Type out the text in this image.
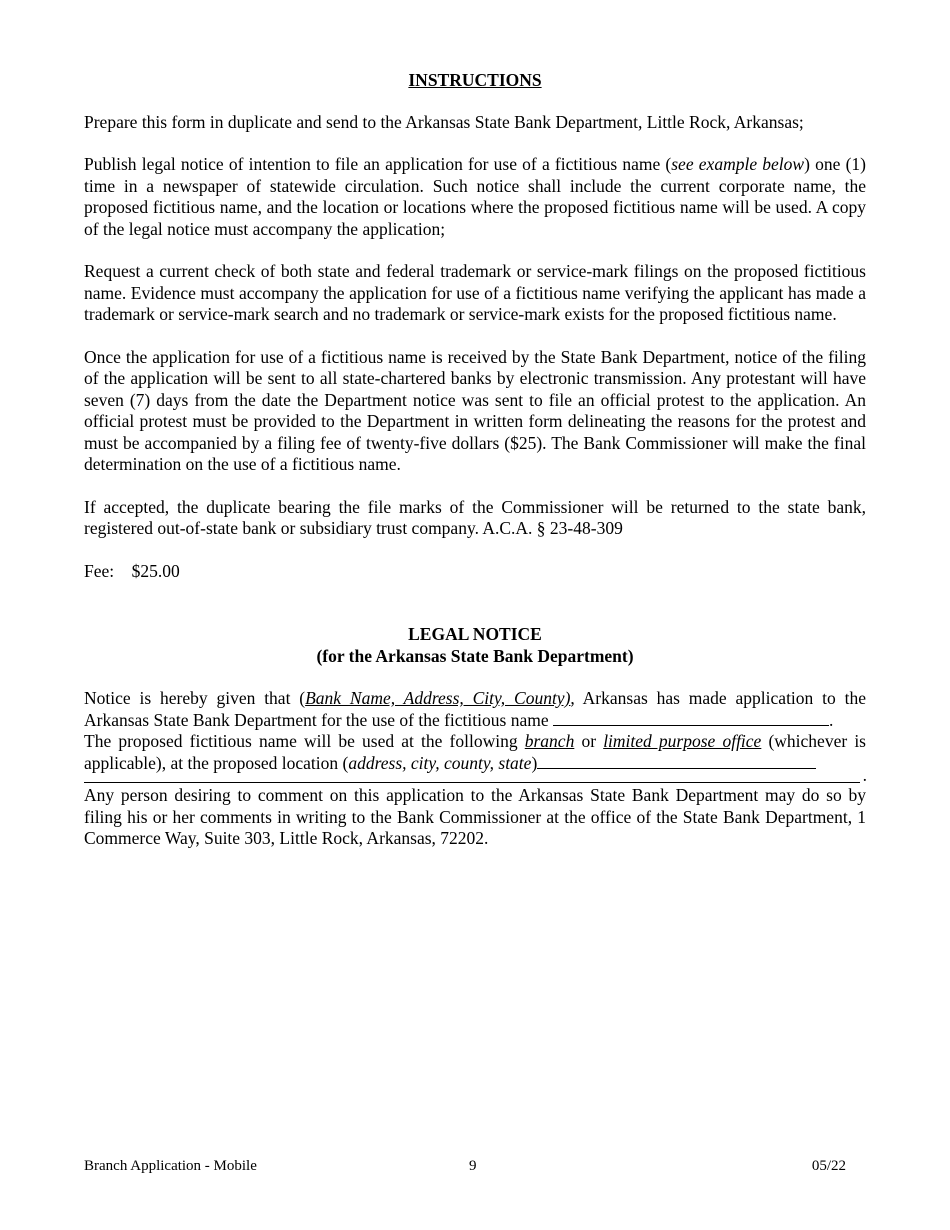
INSTRUCTIONS

Prepare this form in duplicate and send to the Arkansas State Bank Department, Little Rock, Arkansas;

Publish legal notice of intention to file an application for use of a fictitious name (see example below) one (1) time in a newspaper of statewide circulation. Such notice shall include the current corporate name, the proposed fictitious name, and the location or locations where the proposed fictitious name will be used. A copy of the legal notice must accompany the application;

Request a current check of both state and federal trademark or service-mark filings on the proposed fictitious name. Evidence must accompany the application for use of a fictitious name verifying the applicant has made a trademark or service-mark search and no trademark or service-mark exists for the proposed fictitious name.

Once the application for use of a fictitious name is received by the State Bank Department, notice of the filing of the application will be sent to all state-chartered banks by electronic transmission. Any protestant will have seven (7) days from the date the Department notice was sent to file an official protest to the application. An official protest must be provided to the Department in written form delineating the reasons for the protest and must be accompanied by a filing fee of twenty-five dollars ($25). The Bank Commissioner will make the final determination on the use of a fictitious name.

If accepted, the duplicate bearing the file marks of the Commissioner will be returned to the state bank, registered out-of-state bank or subsidiary trust company. A.C.A. § 23-48-309

Fee: $25.00

LEGAL NOTICE
(for the Arkansas State Bank Department)

Notice is hereby given that (Bank Name, Address, City, County), Arkansas has made application to the Arkansas State Bank Department for the use of the fictitious name	.

The proposed fictitious name will be used at the following branch or limited purpose office (whichever is applicable), at the proposed location (address, city, county, state)

.

Any person desiring to comment on this application to the Arkansas State Bank Department may do so by filing his or her comments in writing to the Bank Commissioner at the office of the State Bank Department, 1 Commerce Way, Suite 303, Little Rock, Arkansas, 72202.

Branch Application - Mobile	9	05/22
